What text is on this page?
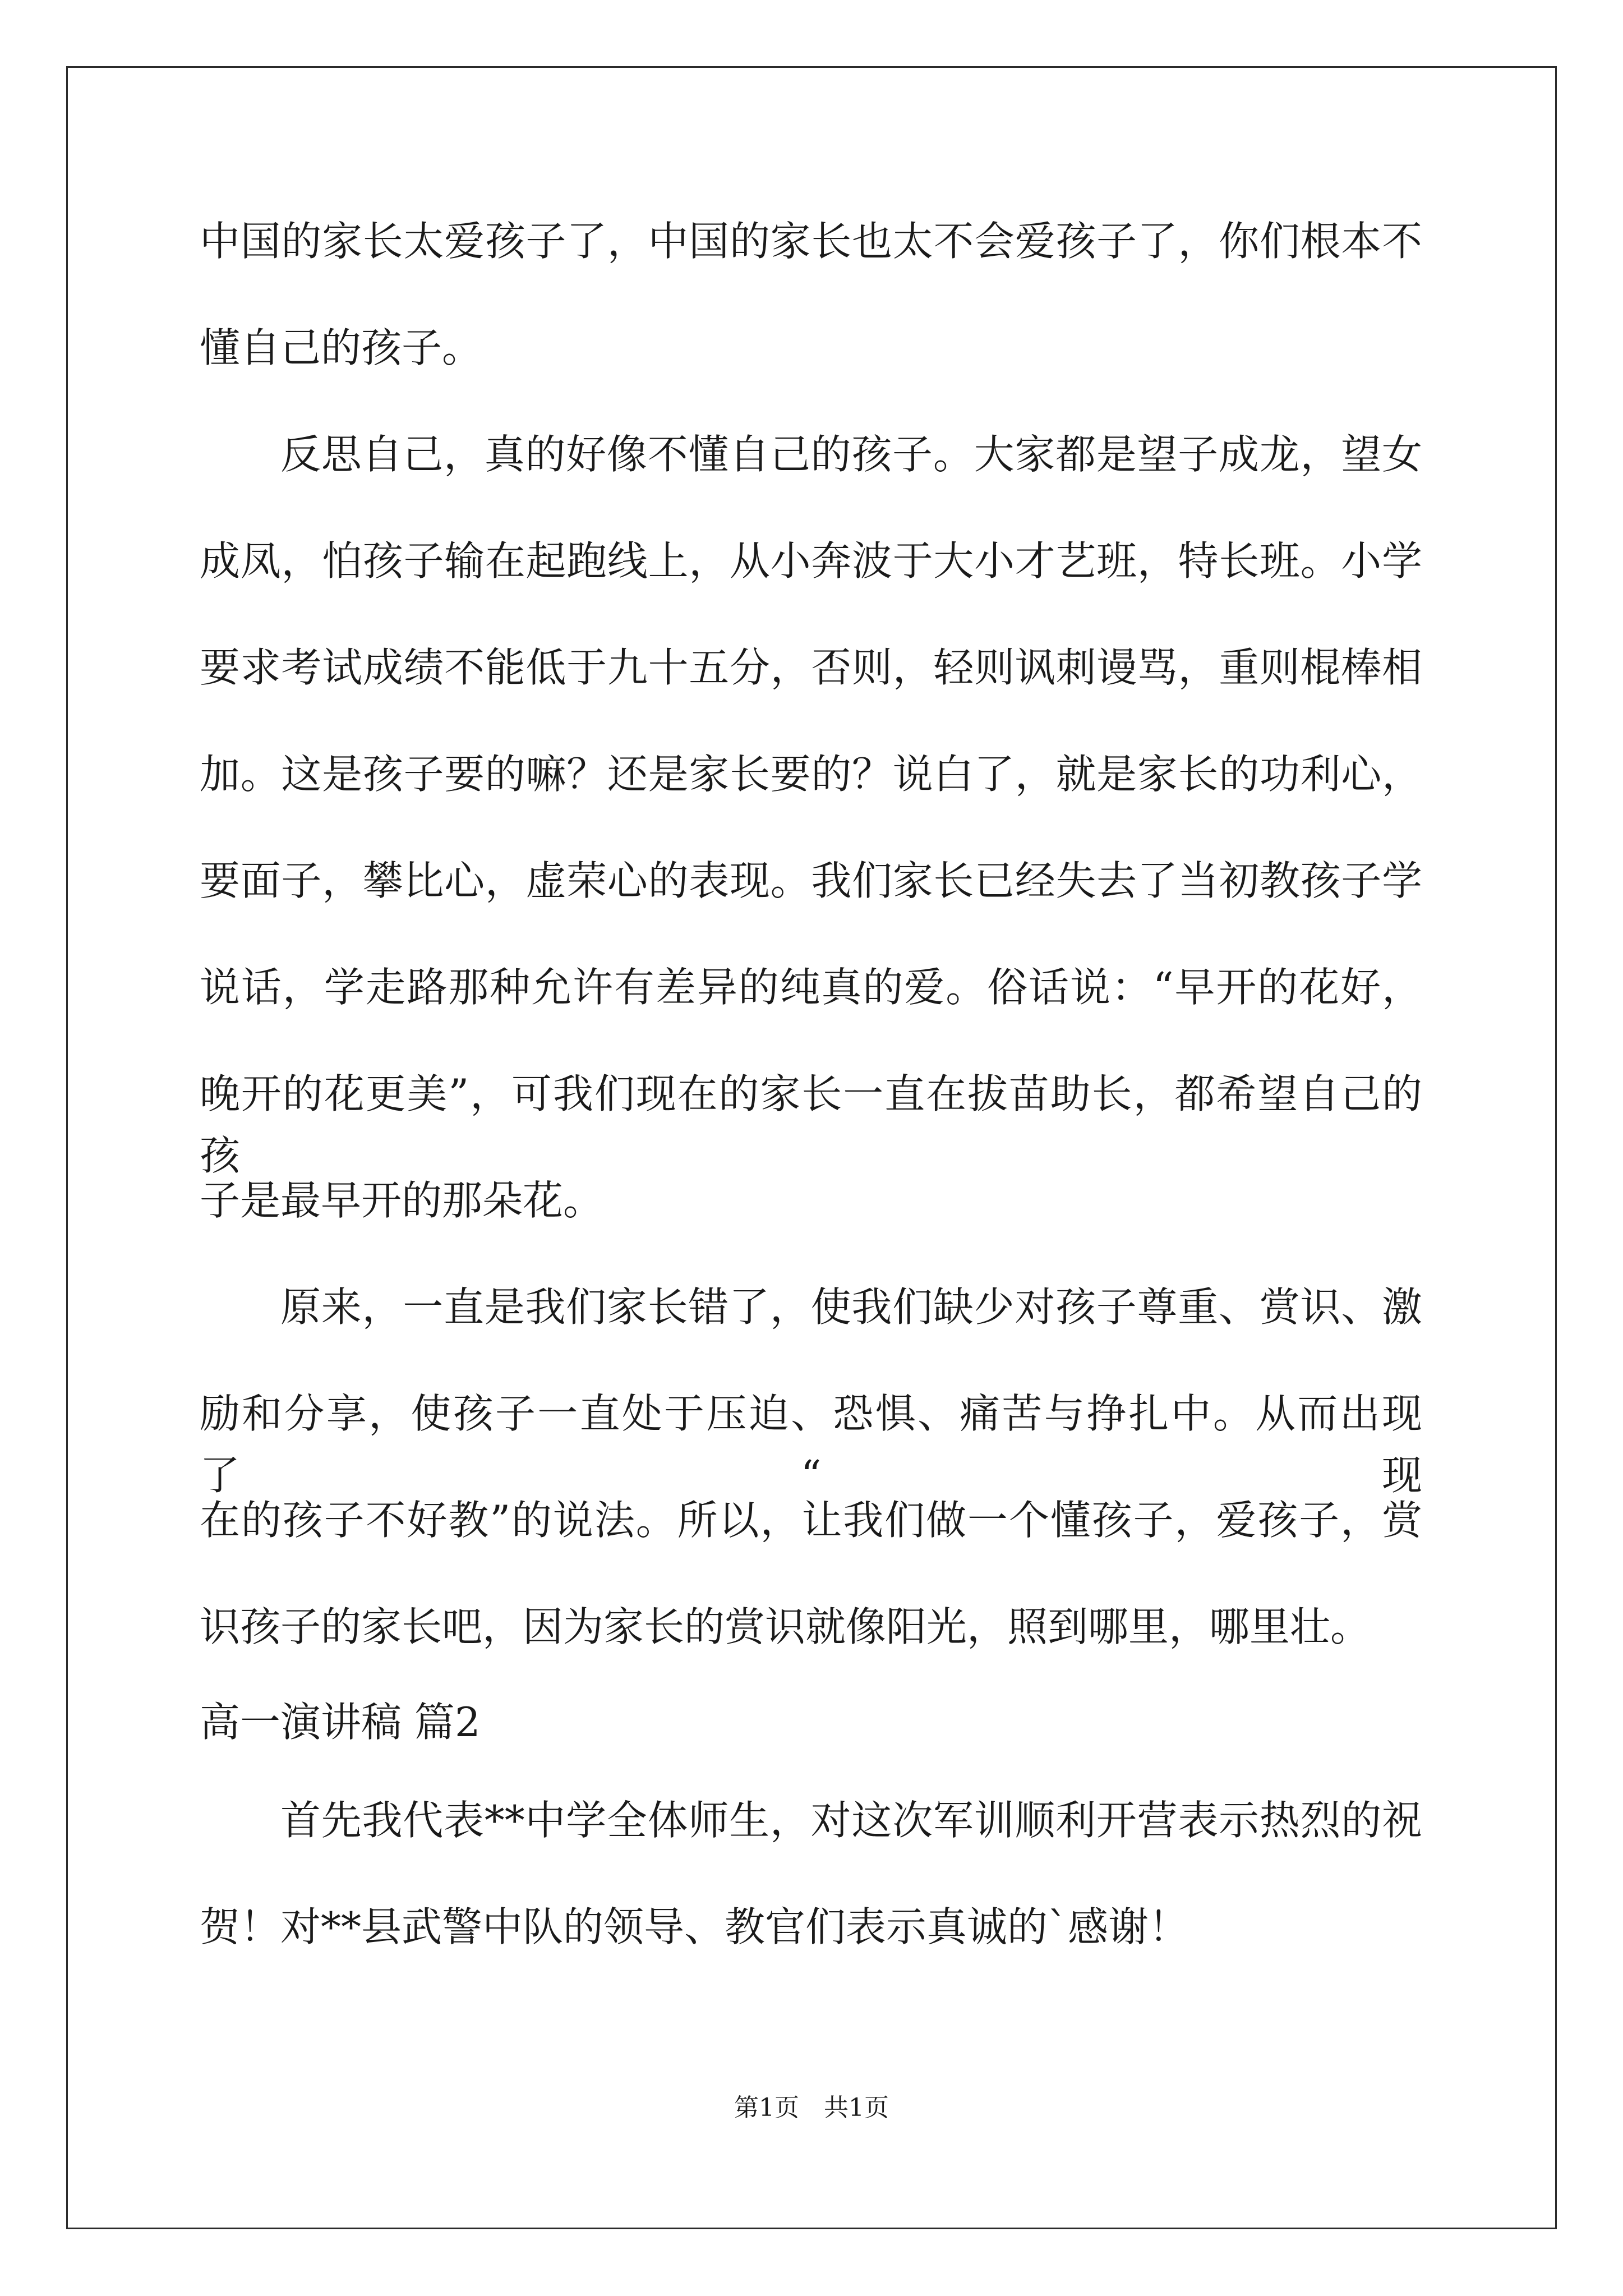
中国的家长太爱孩子了，中国的家长也太不会爱孩子了，你们根本不
懂自己的孩子。
反思自己，真的好像不懂自己的孩子。大家都是望子成龙，望女
成凤，怕孩子输在起跑线上，从小奔波于大小才艺班，特长班。小学
要求考试成绩不能低于九十五分，否则，轻则讽刺谩骂，重则棍棒相
加。这是孩子要的嘛？还是家长要的？说白了，就是家长的功利心，
要面子，攀比心，虚荣心的表现。我们家长已经失去了当初教孩子学
说话，学走路那种允许有差异的纯真的爱。俗话说：“早开的花好，
晚开的花更美”，可我们现在的家长一直在拔苗助长，都希望自己的孩
子是最早开的那朵花。
原来，一直是我们家长错了，使我们缺少对孩子尊重、赏识、激
励和分享，使孩子一直处于压迫、恐惧、痛苦与挣扎中。从而出现了“现
在的孩子不好教”的说法。所以，让我们做一个懂孩子，爱孩子，赏
识孩子的家长吧，因为家长的赏识就像阳光，照到哪里，哪里壮。
高一演讲稿 篇2
首先我代表**中学全体师生，对这次军训顺利开营表示热烈的祝
贺！对**县武警中队的领导、教官们表示真诚的`感谢！
第1页　共1页
